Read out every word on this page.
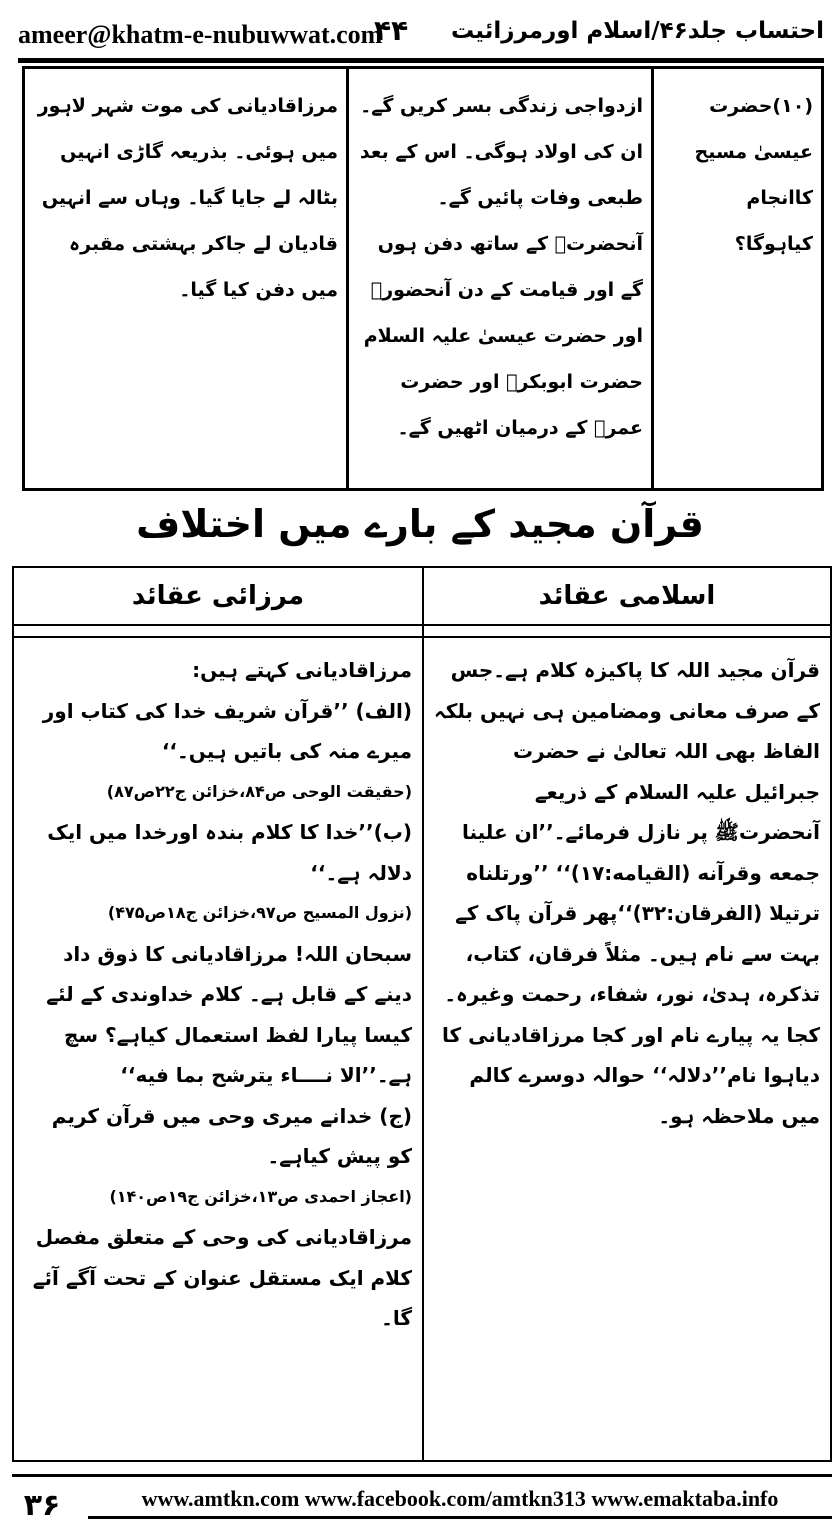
ameer@khatm-e-nubuwwat.com
۴۴ احتساب جلد۴۶/اسلام اورمرزائیت
(۱۰)حضرت عیسیٰ مسیح کاانجام کیاہوگا؟
ازدواجی زندگی بسر کریں گے۔ ان کی اولاد ہوگی۔ اس کے بعد طبعی وفات پائیں گے۔ آنحضرتﷺ کے ساتھ دفن ہوں گے اور قیامت کے دن آنحضورﷺ اور حضرت عیسیٰ علیہ السلام حضرت ابوبکرؓ اور حضرت عمرؓ کے درمیان اٹھیں گے۔
مرزاقادیانی کی موت شہر لاہور میں ہوئی۔ بذریعہ گاڑی انہیں بٹالہ لے جایا گیا۔ وہاں سے انہیں قادیان لے جاکر بہشتی مقبرہ میں دفن کیا گیا۔
قرآن مجید کے بارے میں اختلاف
اسلامی عقائد
مرزائی عقائد

قرآن مجید اللہ کا پاکیزہ کلام ہے۔جس کے صرف معانی ومضامین ہی نہیں بلکہ الفاظ بھی اللہ تعالیٰ نے حضرت جبرائیل علیہ السلام کے ذریعے آنحضرتﷺ پر نازل فرمائے۔’’ان علینا جمعه وقرآنه (القیامه:۱۷)‘‘ ’’ورتلناه ترتیلا (الفرقان:۳۲)‘‘پھر قرآن پاک کے بہت سے نام ہیں۔ مثلاً فرقان، کتاب، تذکرہ، ہدیٰ، نور، شفاء، رحمت وغیرہ۔ کجا یہ پیارے نام اور کجا مرزاقادیانی کا دیاہوا نام’’دلالہ‘‘ حوالہ دوسرے کالم میں ملاحظہ ہو۔

مرزاقادیانی کہتے ہیں:

(الف) ’’قرآن شریف خدا کی کتاب اور میرے منہ کی باتیں ہیں۔‘‘

(حقیقت الوحی ص۸۴،خزائن ج۲۲ص۸۷)

(ب)’’خدا کا کلام بندہ اورخدا میں ایک دلالہ ہے۔‘‘

(نزول المسیح ص۹۷،خزائن ج۱۸ص۴۷۵)

سبحان اللہ! مرزاقادیانی کا ذوق داد دینے کے قابل ہے۔ کلام خداوندی کے لئے کیسا پیارا لفظ استعمال کیاہے؟ سچ ہے۔’’الا نــــاء یترشح بما فیه‘‘

(ج) خدانے میری وحی میں قرآن کریم کو پیش کیاہے۔

(اعجاز احمدی ص۱۳،خزائن ج۱۹ص۱۴۰)

مرزاقادیانی کی وحی کے متعلق مفصل کلام ایک مستقل عنوان کے تحت آگے آئے گا۔

۳۶	www.amtkn.com www.facebook.com/amtkn313 www.emaktaba.info
